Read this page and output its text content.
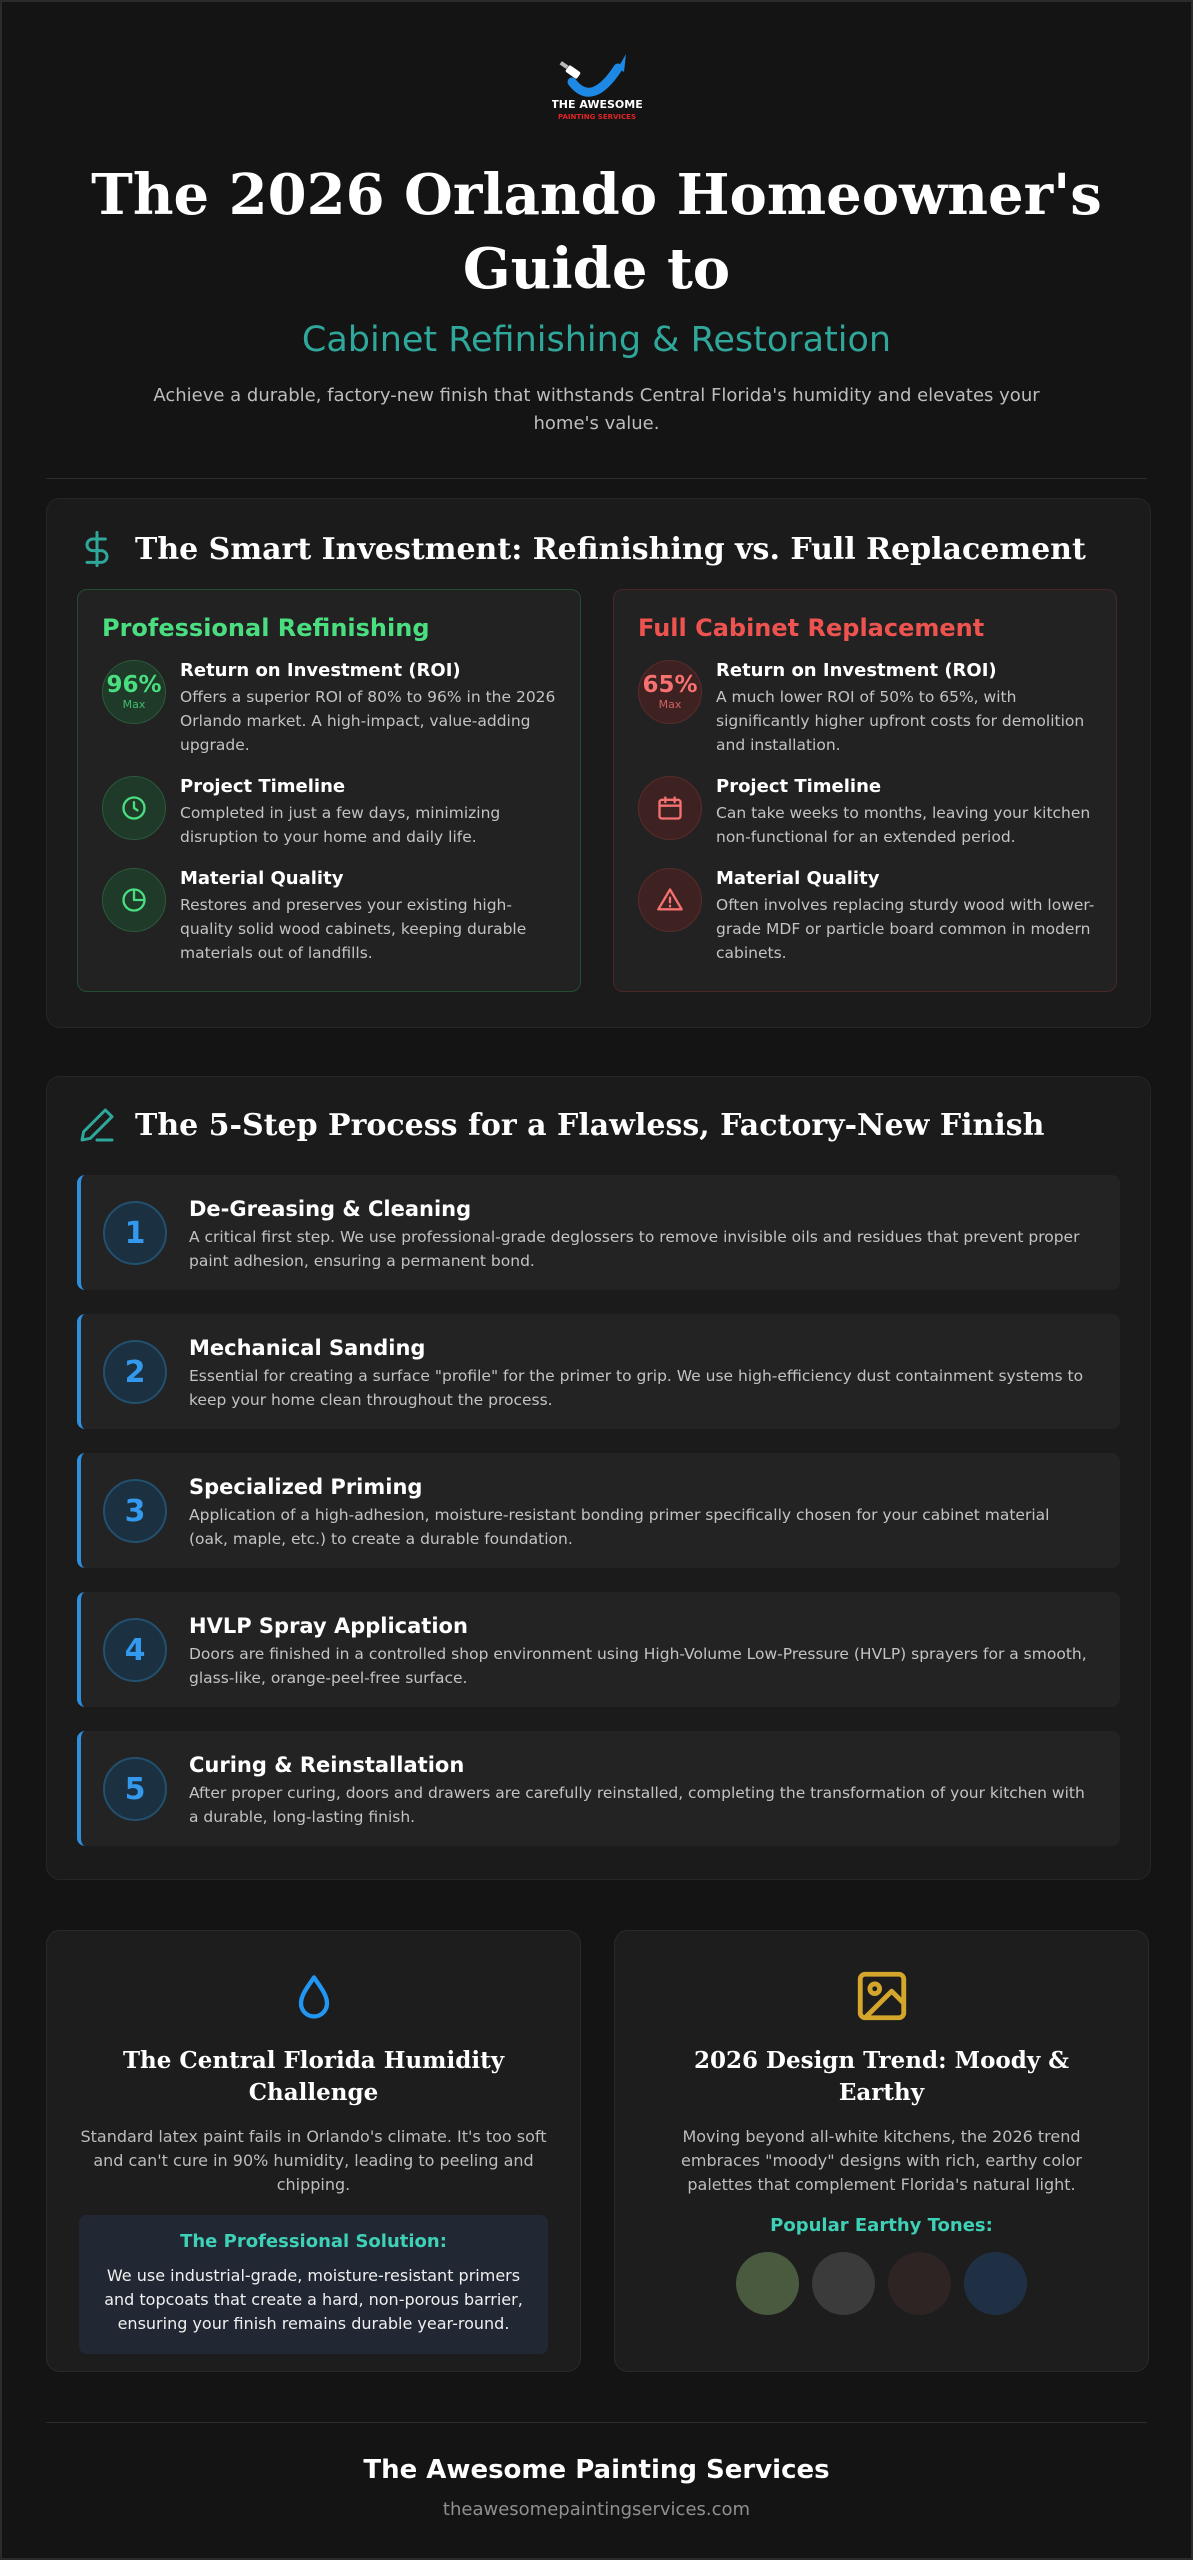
THE AWESOME
PAINTING SERVICES
The 2026 Orlando Homeowner's Guide to
Cabinet Refinishing & Restoration
Achieve a durable, factory-new finish that withstands Central Florida's humidity and elevates your home's value.
The Smart Investment: Refinishing vs. Full Replacement
Professional Refinishing
96%
Max
Return on Investment (ROI)
Offers a superior ROI of 80% to 96% in the 2026 Orlando market. A high-impact, value-adding upgrade.
Project Timeline
Completed in just a few days, minimizing disruption to your home and daily life.
Material Quality
Restores and preserves your existing high-quality solid wood cabinets, keeping durable materials out of landfills.
Full Cabinet Replacement
65%
Max
Return on Investment (ROI)
A much lower ROI of 50% to 65%, with significantly higher upfront costs for demolition and installation.
Project Timeline
Can take weeks to months, leaving your kitchen non-functional for an extended period.
Material Quality
Often involves replacing sturdy wood with lower-grade MDF or particle board common in modern cabinets.
The 5-Step Process for a Flawless, Factory-New Finish
1
De-Greasing & Cleaning
A critical first step. We use professional-grade deglossers to remove invisible oils and residues that prevent proper paint adhesion, ensuring a permanent bond.
2
Mechanical Sanding
Essential for creating a surface "profile" for the primer to grip. We use high-efficiency dust containment systems to keep your home clean throughout the process.
3
Specialized Priming
Application of a high-adhesion, moisture-resistant bonding primer specifically chosen for your cabinet material (oak, maple, etc.) to create a durable foundation.
4
HVLP Spray Application
Doors are finished in a controlled shop environment using High-Volume Low-Pressure (HVLP) sprayers for a smooth, glass-like, orange-peel-free surface.
5
Curing & Reinstallation
After proper curing, doors and drawers are carefully reinstalled, completing the transformation of your kitchen with a durable, long-lasting finish.
The Central Florida Humidity Challenge
Standard latex paint fails in Orlando's climate. It's too soft and can't cure in 90% humidity, leading to peeling and chipping.
The Professional Solution:
We use industrial-grade, moisture-resistant primers and topcoats that create a hard, non-porous barrier, ensuring your finish remains durable year-round.
2026 Design Trend: Moody & Earthy
Moving beyond all-white kitchens, the 2026 trend embraces "moody" designs with rich, earthy color palettes that complement Florida's natural light.
Popular Earthy Tones:
The Awesome Painting Services
theawesomepaintingservices.com
